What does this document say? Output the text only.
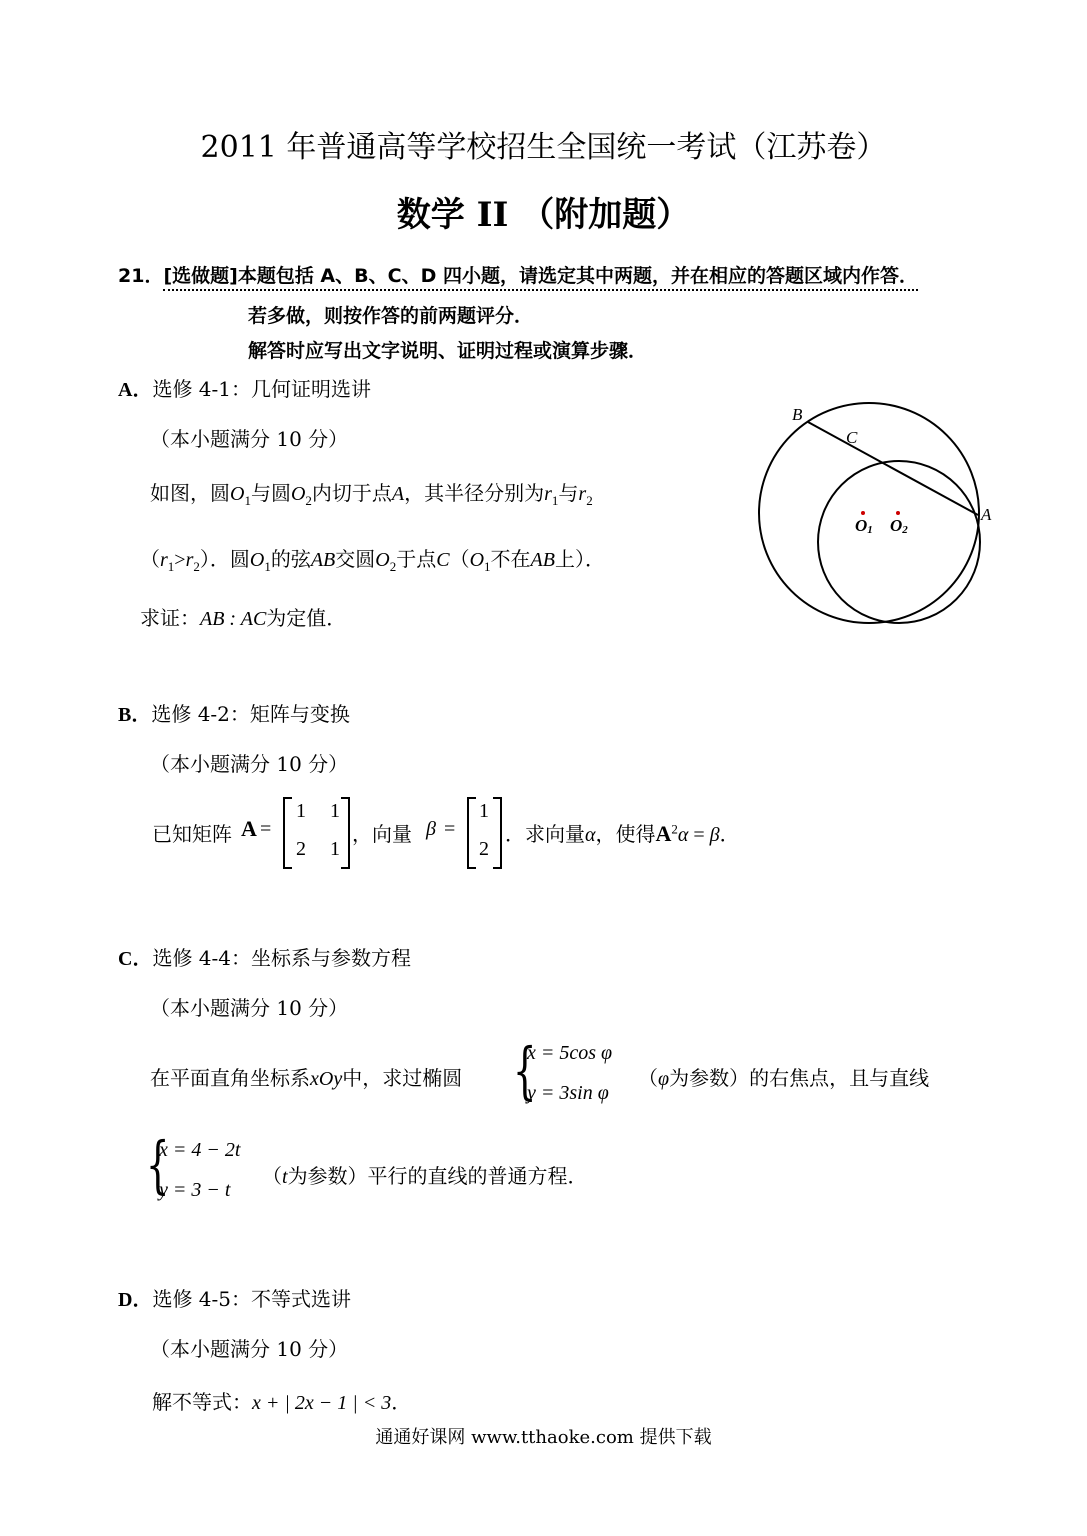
2011 年普通高等学校招生全国统一考试（江苏卷）
数学 II （附加题）
21．[选做题]本题包括 A、B、C、D 四小题，请选定其中两题，并在相应的答题区域内作答．
若多做，则按作答的前两题评分．
解答时应写出文字说明、证明过程或演算步骤．
A．选修 4-1：几何证明选讲
（本小题满分 10 分）
如图，圆$O_1$与圆$O_2$内切于点A，其半径分别为$r_1$与$r_2$
$(r_1>r_2)$．圆$O_1$的弦AB交圆$O_2$于点$C(O_1$不在AB上）．
求证：AB : AC为定值．
B
C
A
O1 O2
B．选修 4-2：矩阵与变换
（本小题满分 10 分）
已知矩阵 A =
1 1
2 1
，向量 β =
1
2
．求向量α，使得$A^2\alpha = \beta$．
C．选修 4-4：坐标系与参数方程
（本小题满分 10 分）
在平面直角坐标系xOy中，求过椭圆 {
x = 5cos φ
y = 3sin φ
（φ为参数）的右焦点，且与直线
{
x = 4 − 2t
y = 3 − t
（t为参数）平行的直线的普通方程．
D．选修 4-5：不等式选讲
（本小题满分 10 分）
解不等式：x + | 2x − 1 | < 3．
通通好课网 www.tthaoke.com 提供下载
